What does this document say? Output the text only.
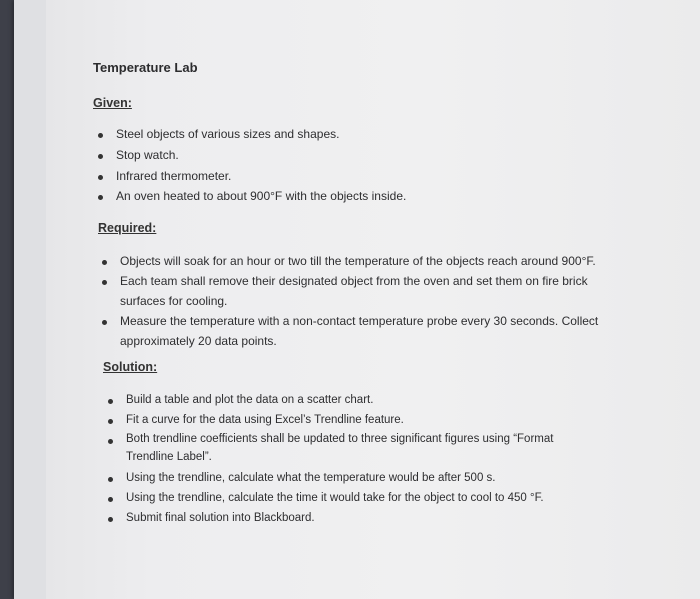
Temperature Lab
Given:
Steel objects of various sizes and shapes.
Stop watch.
Infrared thermometer.
An oven heated to about 900°F with the objects inside.
Required:
Objects will soak for an hour or two till the temperature of the objects reach around 900°F.
Each team shall remove their designated object from the oven and set them on fire brick surfaces for cooling.
Measure the temperature with a non-contact temperature probe every 30 seconds. Collect approximately 20 data points.
Solution:
Build a table and plot the data on a scatter chart.
Fit a curve for the data using Excel’s Trendline feature.
Both trendline coefficients shall be updated to three significant figures using “Format Trendline Label”.
Using the trendline, calculate what the temperature would be after 500 s.
Using the trendline, calculate the time it would take for the object to cool to 450 °F.
Submit final solution into Blackboard.
